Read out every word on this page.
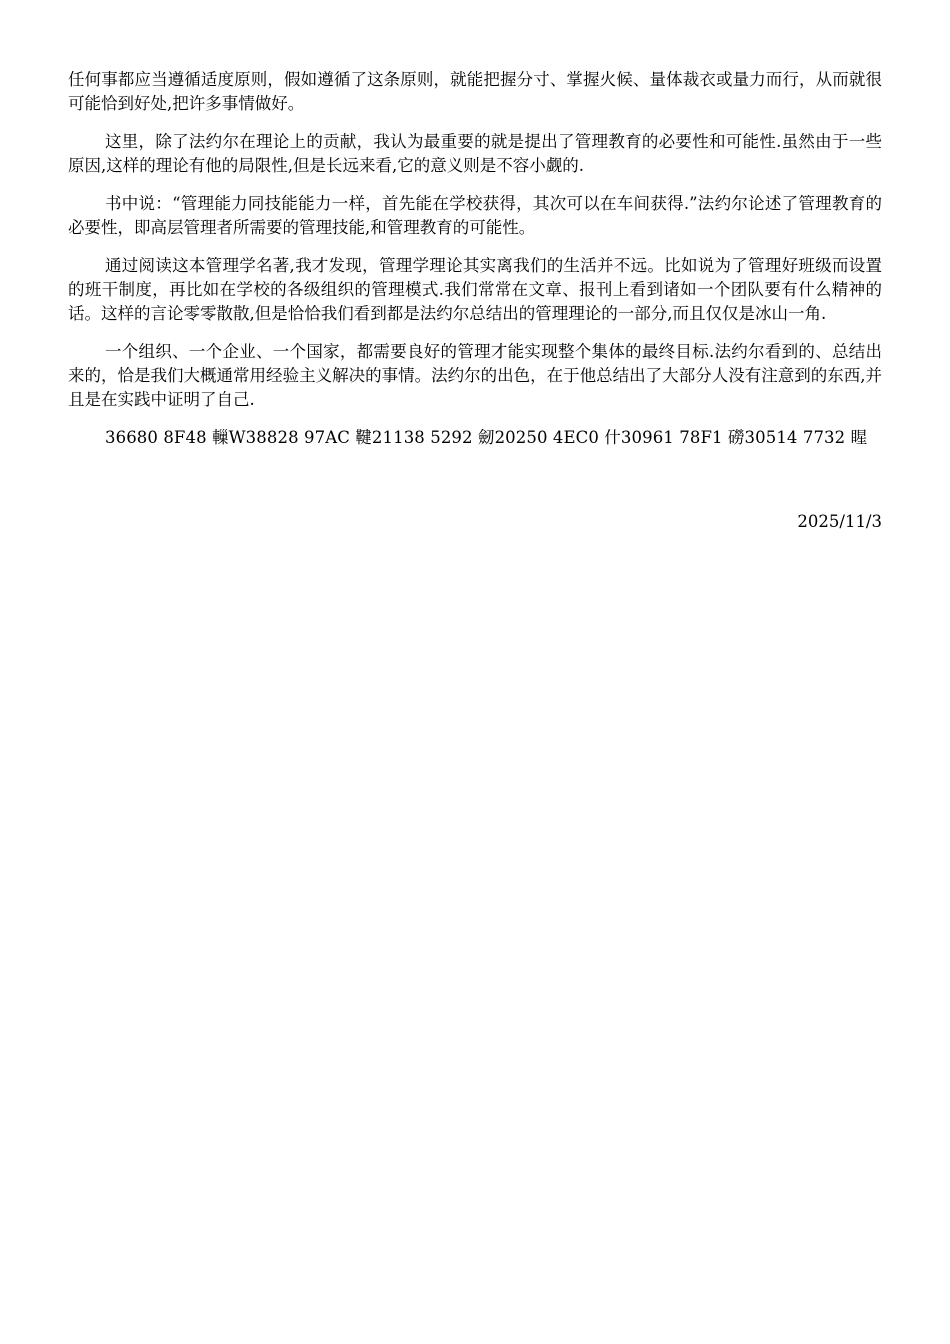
任何事都应当遵循适度原则，假如遵循了这条原则，就能把握分寸、掌握火候、量体裁衣或量力而行，从而就很可能恰到好处,把许多事情做好。

这里，除了法约尔在理论上的贡献，我认为最重要的就是提出了管理教育的必要性和可能性.虽然由于一些原因,这样的理论有他的局限性,但是长远来看,它的意义则是不容小觑的.

书中说：“管理能力同技能能力一样，首先能在学校获得，其次可以在车间获得.”法约尔论述了管理教育的必要性，即高层管理者所需要的管理技能,和管理教育的可能性。

通过阅读这本管理学名著,我才发现，管理学理论其实离我们的生活并不远。比如说为了管理好班级而设置的班干制度，再比如在学校的各级组织的管理模式.我们常常在文章、报刊上看到诸如一个团队要有什么精神的话。这样的言论零零散散,但是恰恰我们看到都是法约尔总结出的管理理论的一部分,而且仅仅是冰山一角.

一个组织、一个企业、一个国家，都需要良好的管理才能实现整个集体的最终目标.法约尔看到的、总结出来的，恰是我们大概通常用经验主义解决的事情。法约尔的出色，在于他总结出了大部分人没有注意到的东西,并且是在实践中证明了自己.

36680 8F48 轈W38828 97AC 鞬21138 5292 劒20250 4EC0 什30961 78F1 磱30514 7732 睲

2025/11/3
